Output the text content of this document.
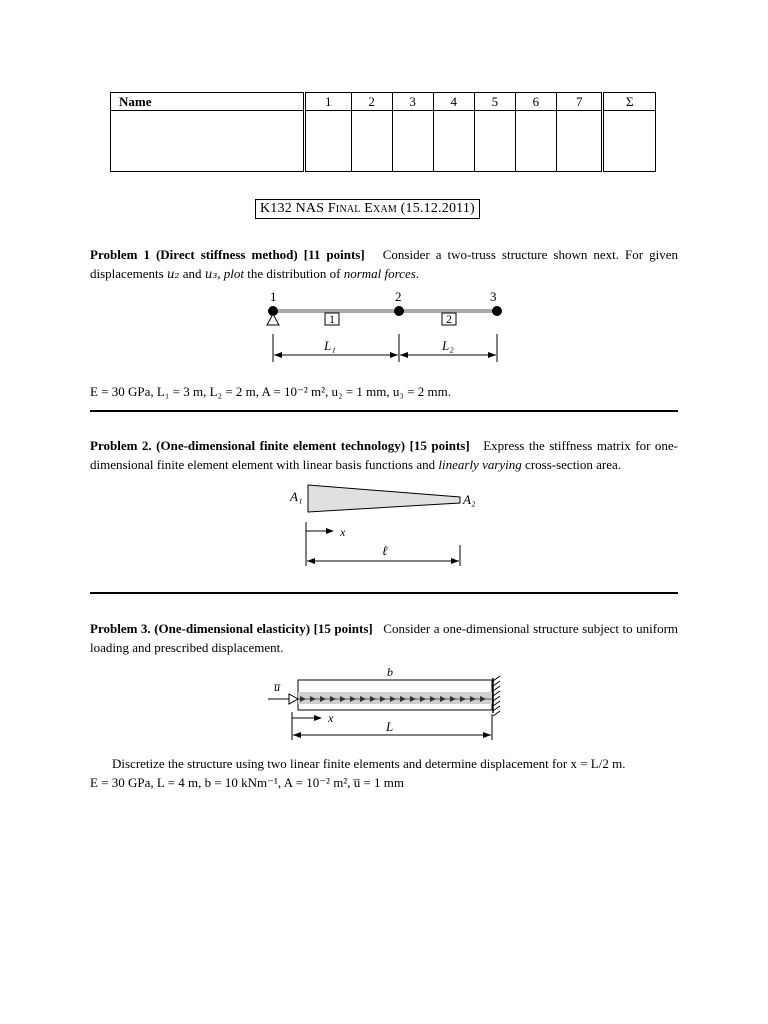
Name	1	2	3	4	5	6	7	Σ

K132 NAS Final Exam (15.12.2011)
Problem 1 (Direct stiffness method) [11 points] Consider a two-truss structure shown next. For given displacements u₂ and u₃, plot the distribution of normal forces.
1	2	3
1	2
L₁	L₂
A₁	A₂
x
ℓ
b
u̅
x
L
E = 30 GPa, L₁ = 3 m, L₂ = 2 m, A = 10⁻² m², u₂ = 1 mm, u₃ = 2 mm.
Problem 2. (One-dimensional finite element technology) [15 points] Express the stiffness matrix for one-dimensional finite element element with linear basis functions and linearly varying cross-section area.
Problem 3. (One-dimensional elasticity) [15 points] Consider a one-dimensional structure subject to uniform loading and prescribed displacement.
Discretize the structure using two linear finite elements and determine displacement for x = L/2 m.
E = 30 GPa, L = 4 m, b = 10 kNm⁻¹, A = 10⁻² m², u̅ = 1 mm
